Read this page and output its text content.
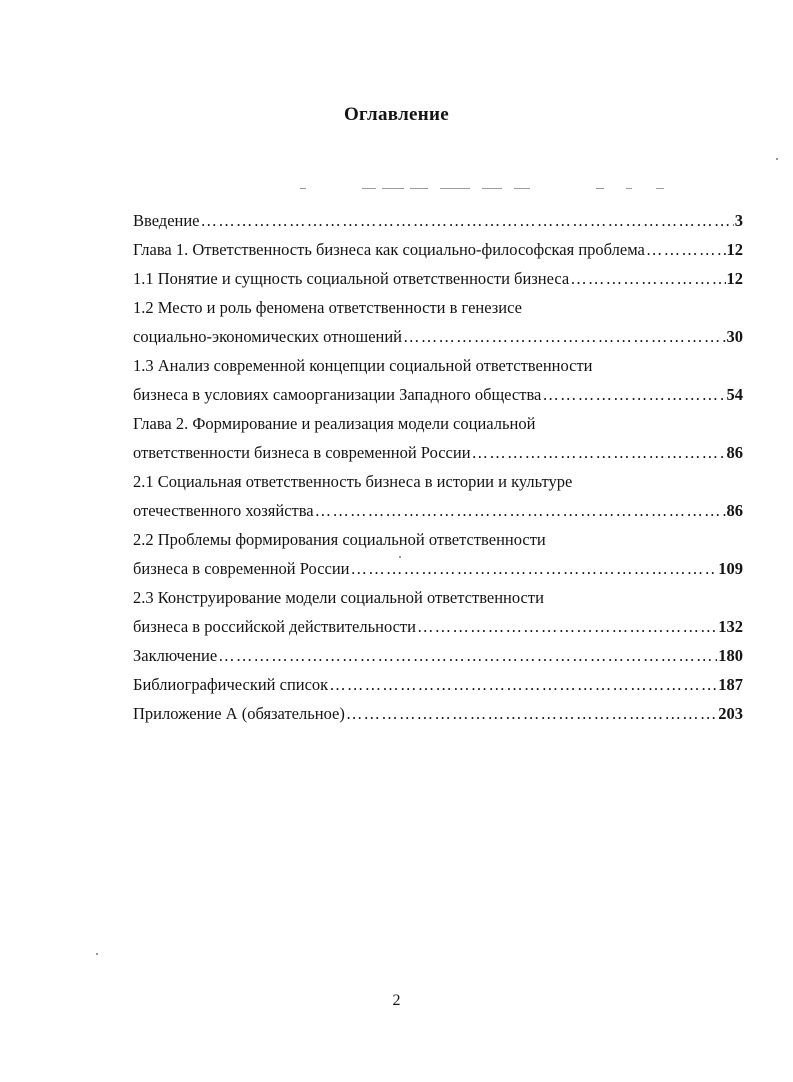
Оглавление
Введение ………………………………………………………………………………………………………………………………………………………………	3
Глава 1. Ответственность бизнеса как социально-философская проблема ………………………………………………………………………………………………………………………………………………………………	12
1.1 Понятие и сущность социальной ответственности бизнеса ………………………………………………………………………………………………………………………………………………………………	12
1.2 Место и роль феномена ответственности в генезисе
социально-экономических отношений ………………………………………………………………………………………………………………………………………………………………	30
1.3 Анализ современной концепции социальной ответственности
бизнеса в условиях самоорганизации Западного общества ………………………………………………………………………………………………………………………………………………………………	54
Глава 2. Формирование и реализация модели социальной
ответственности бизнеса в современной России ………………………………………………………………………………………………………………………………………………………………	86
2.1 Социальная ответственность бизнеса в истории и культуре
отечественного хозяйства ………………………………………………………………………………………………………………………………………………………………	86
2.2 Проблемы формирования социальной ответственности
бизнеса в современной России ………………………………………………………………………………………………………………………………………………………………	109
2.3 Конструирование модели социальной ответственности
бизнеса в российской действительности ………………………………………………………………………………………………………………………………………………………………	132
Заключение ………………………………………………………………………………………………………………………………………………………………	180
Библиографический список ………………………………………………………………………………………………………………………………………………………………	187
Приложение А (обязательное) ………………………………………………………………………………………………………………………………………………………………	203
2
